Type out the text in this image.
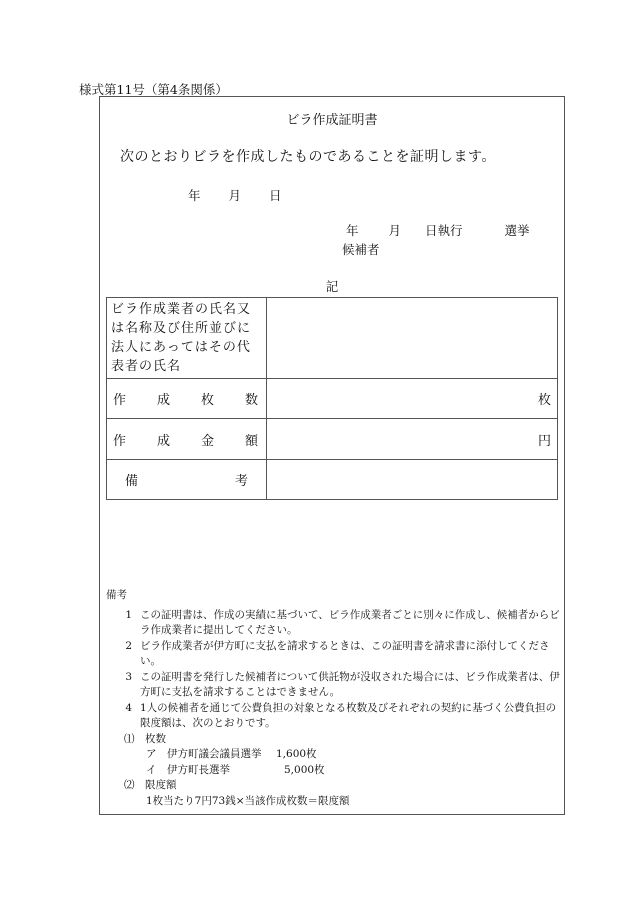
様式第11号（第4条関係）
ビラ作成証明書
次のとおりビラを作成したものであることを証明します。
年 月 日
年 月 日執行	選挙
候補者
記
ビラ作成業者の氏名又は名称及び住所並びに法人にあってはその代表者の氏名	

作 成 枚 数	枚

作 成 金 額	円

備 考	

備考
1 この証明書は、作成の実績に基づいて、ビラ作成業者ごとに別々に作成し、候補者からビラ作成業者に提出してください。
2 ビラ作成業者が伊方町に支払を請求するときは、この証明書を請求書に添付してください。
3 この証明書を発行した候補者について供託物が没収された場合には、ビラ作成業者は、伊方町に支払を請求することはできません。
4 1人の候補者を通じて公費負担の対象となる枚数及びそれぞれの契約に基づく公費負担の限度額は、次のとおりです。
⑴　枚数
ア　伊方町議会議員選挙 1,600枚
イ　伊方町長選挙	5,000枚
⑵　限度額
1枚当たり7円73銭×当該作成枚数＝限度額
